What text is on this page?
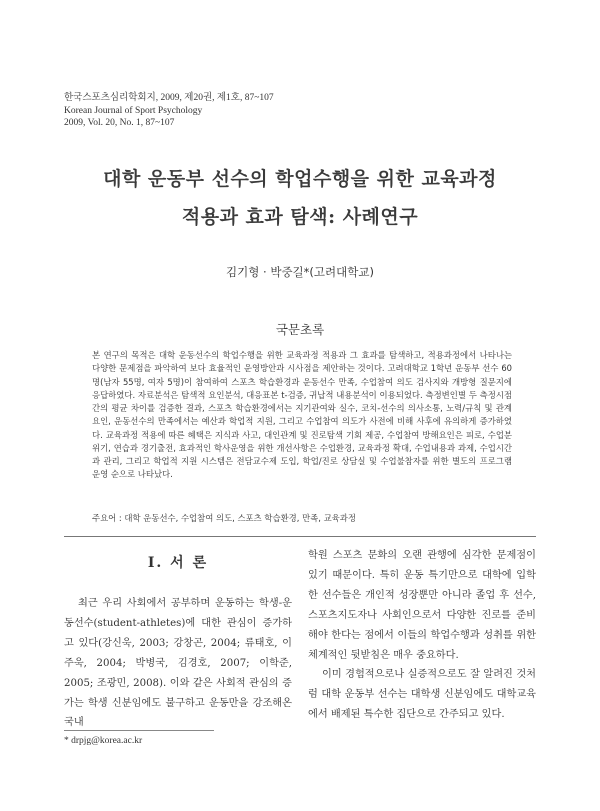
한국스포츠심리학회지, 2009, 제20권, 제1호, 87~107
Korean Journal of Sport Psychology
2009, Vol. 20, No. 1, 87~107
대학 운동부 선수의 학업수행을 위한 교육과정
적용과 효과 탐색: 사례연구
김기형 · 박중길*(고려대학교)
국문초록
본 연구의 목적은 대학 운동선수의 학업수행을 위한 교육과정 적용과 그 효과를 탐색하고, 적용과정에서 나타나는 다양한 문제점을 파악하여 보다 효율적인 운영방안과 시사점을 제안하는 것이다. 고려대학교 1학년 운동부 선수 60명(남자 55명, 여자 5명)이 참여하여 스포츠 학습환경과 운동선수 만족, 수업참여 의도 검사지와 개방형 질문지에 응답하였다. 자료분석은 탐색적 요인분석, 대응표본 t-검증, 귀납적 내용분석이 이용되었다. 측정변인별 두 측정시점 간의 평균 차이를 검증한 결과, 스포츠 학습환경에서는 지기관여와 실수, 코치-선수의 의사소통, 노력/규칙 및 관계 요인, 운동선수의 만족에서는 예산과 학업적 지원, 그리고 수업참여 의도가 사전에 비해 사후에 유의하게 증가하였다. 교육과정 적용에 따른 혜택은 지식과 사고, 대인관계 및 진로탐색 기회 제공, 수업참여 방해요인은 피로, 수업분위기, 연습과 경기출전, 효과적인 학사운영을 위한 개선사항은 수업환경, 교육과정 확대, 수업내용과 과제, 수업시간과 관리, 그리고 학업적 지원 시스템은 전담교수제 도입, 학업/진로 상담실 및 수업불참자를 위한 별도의 프로그램 운영 순으로 나타났다.
주요어 : 대학 운동선수, 수업참여 의도, 스포츠 학습환경, 만족, 교육과정
I. 서 론

최근 우리 사회에서 공부하며 운동하는 학생-운동선수(student-athletes)에 대한 관심이 증가하고 있다(강신욱, 2003; 강창곤, 2004; 류태호, 이주욱, 2004; 박병국, 김경호, 2007; 이학준, 2005; 조광민, 2008). 이와 같은 사회적 관심의 증가는 학생 신분임에도 불구하고 운동만을 강조해온 국내

학원 스포츠 문화의 오랜 관행에 심각한 문제점이 있기 때문이다. 특히 운동 특기만으로 대학에 입학한 선수들은 개인적 성장뿐만 아니라 졸업 후 선수, 스포츠지도자나 사회인으로서 다양한 진로를 준비해야 한다는 점에서 이들의 학업수행과 성취를 위한 체계적인 뒷받침은 매우 중요하다.

이미 경험적으로나 실증적으로도 잘 알려진 것처럼 대학 운동부 선수는 대학생 신분임에도 대학교육에서 배제된 특수한 집단으로 간주되고 있다.

* drpjg@korea.ac.kr
